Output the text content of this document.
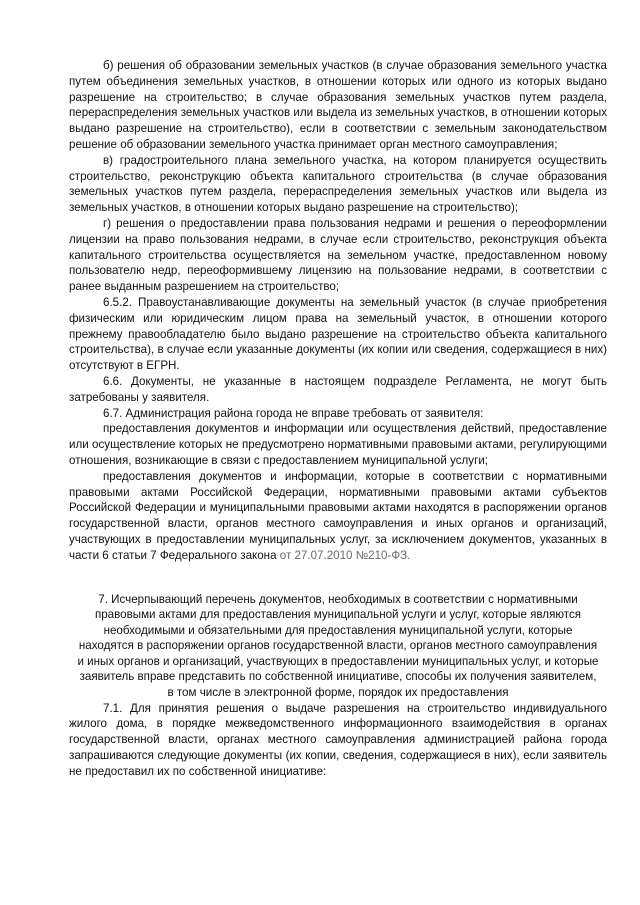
б) решения об образовании земельных участков (в случае образования земельного участка путем объединения земельных участков, в отношении которых или одного из которых выдано разрешение на строительство; в случае образования земельных участков путем раздела, перераспределения земельных участков или выдела из земельных участков, в отношении которых выдано разрешение на строительство), если в соответствии с земельным законодательством решение об образовании земельного участка принимает орган местного самоуправления;

в) градостроительного плана земельного участка, на котором планируется осуществить строительство, реконструкцию объекта капитального строительства (в случае образования земельных участков путем раздела, перераспределения земельных участков или выдела из земельных участков, в отношении которых выдано разрешение на строительство);

г) решения о предоставлении права пользования недрами и решения о переоформлении лицензии на право пользования недрами, в случае если строительство, реконструкция объекта капитального строительства осуществляется на земельном участке, предоставленном новому пользователю недр, переоформившему лицензию на пользование недрами, в соответствии с ранее выданным разрешением на строительство;

6.5.2. Правоустанавливающие документы на земельный участок (в случае приобретения физическим или юридическим лицом права на земельный участок, в отношении которого прежнему правообладателю было выдано разрешение на строительство объекта капитального строительства), в случае если указанные документы (их копии или сведения, содержащиеся в них) отсутствуют в ЕГРН.

6.6. Документы, не указанные в настоящем подразделе Регламента, не могут быть затребованы у заявителя.

6.7. Администрация района города не вправе требовать от заявителя:

предоставления документов и информации или осуществления действий, предоставление или осуществление которых не предусмотрено нормативными правовыми актами, регулирующими отношения, возникающие в связи с предоставлением муниципальной услуги;

предоставления документов и информации, которые в соответствии с нормативными правовыми актами Российской Федерации, нормативными правовыми актами субъектов Российской Федерации и муниципальными правовыми актами находятся в распоряжении органов государственной власти, органов местного самоуправления и иных органов и организаций, участвующих в предоставлении муниципальных услуг, за исключением документов, указанных в части 6 статьи 7 Федерального закона от 27.07.2010 №210-ФЗ.

7. Исчерпывающий перечень документов, необходимых в соответствии с нормативными правовыми актами для предоставления муниципальной услуги и услуг, которые являются необходимыми и обязательными для предоставления муниципальной услуги, которые находятся в распоряжении органов государственной власти, органов местного самоуправления и иных органов и организаций, участвующих в предоставлении муниципальных услуг, и которые заявитель вправе представить по собственной инициативе, способы их получения заявителем, в том числе в электронной форме, порядок их предоставления

7.1. Для принятия решения о выдаче разрешения на строительство индивидуального жилого дома, в порядке межведомственного информационного взаимодействия в органах государственной власти, органах местного самоуправления администрацией района города запрашиваются следующие документы (их копии, сведения, содержащиеся в них), если заявитель не предоставил их по собственной инициативе:
